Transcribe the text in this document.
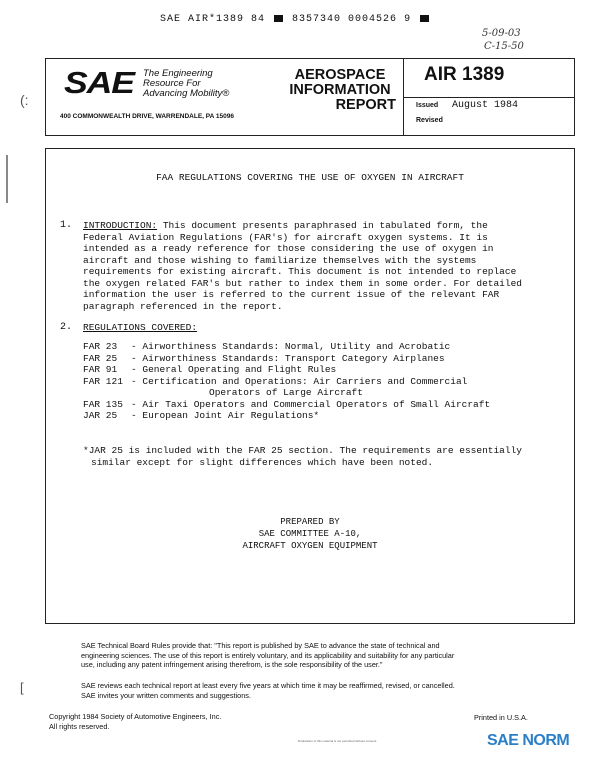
SAE AIR*1389 84	8357340 0004526 9
5-09-03
C-15-50
SAE The Engineering
Resource For
Advancing Mobility®
400 COMMONWEALTH DRIVE, WARRENDALE, PA 15096
AEROSPACE
INFORMATION
REPORT
AIR 1389
Issued August 1984
Revised
FAA REGULATIONS COVERING THE USE OF OXYGEN IN AIRCRAFT
1. INTRODUCTION: This document presents paraphrased in tabulated form, the
Federal Aviation Regulations (FAR's) for aircraft oxygen systems. It is
intended as a ready reference for those considering the use of oxygen in
aircraft and those wishing to familiarize themselves with the systems
requirements for existing aircraft. This document is not intended to replace
the oxygen related FAR's but rather to index them in some order. For detailed
information the user is referred to the current issue of the relevant FAR
paragraph referenced in the report.
2. REGULATIONS COVERED:
FAR 23 - Airworthiness Standards: Normal, Utility and Acrobatic
FAR 25 - Airworthiness Standards: Transport Category Airplanes
FAR 91 - General Operating and Flight Rules
FAR 121 - Certification and Operations: Air Carriers and Commercial
Operators of Large Aircraft
FAR 135 - Air Taxi Operators and Commercial Operators of Small Aircraft
JAR 25 - European Joint Air Regulations*
*JAR 25 is included with the FAR 25 section. The requirements are essentially
similar except for slight differences which have been noted.
PREPARED BY
SAE COMMITTEE A-10,
AIRCRAFT OXYGEN EQUIPMENT
(:
[
SAE Technical Board Rules provide that: "This report is published by SAE to advance the state of technical and
engineering sciences. The use of this report is entirely voluntary, and its applicability and suitability for any particular
use, including any patent infringement arising therefrom, is the sole responsibility of the user."
SAE reviews each technical report at least every five years at which time it may be reaffirmed, revised, or cancelled.
SAE invites your written comments and suggestions.
Copyright 1984 Society of Automotive Engineers, Inc.
All rights reserved.
Printed in U.S.A.
Duplication of this material is not permitted without consent.	SAE NORM
